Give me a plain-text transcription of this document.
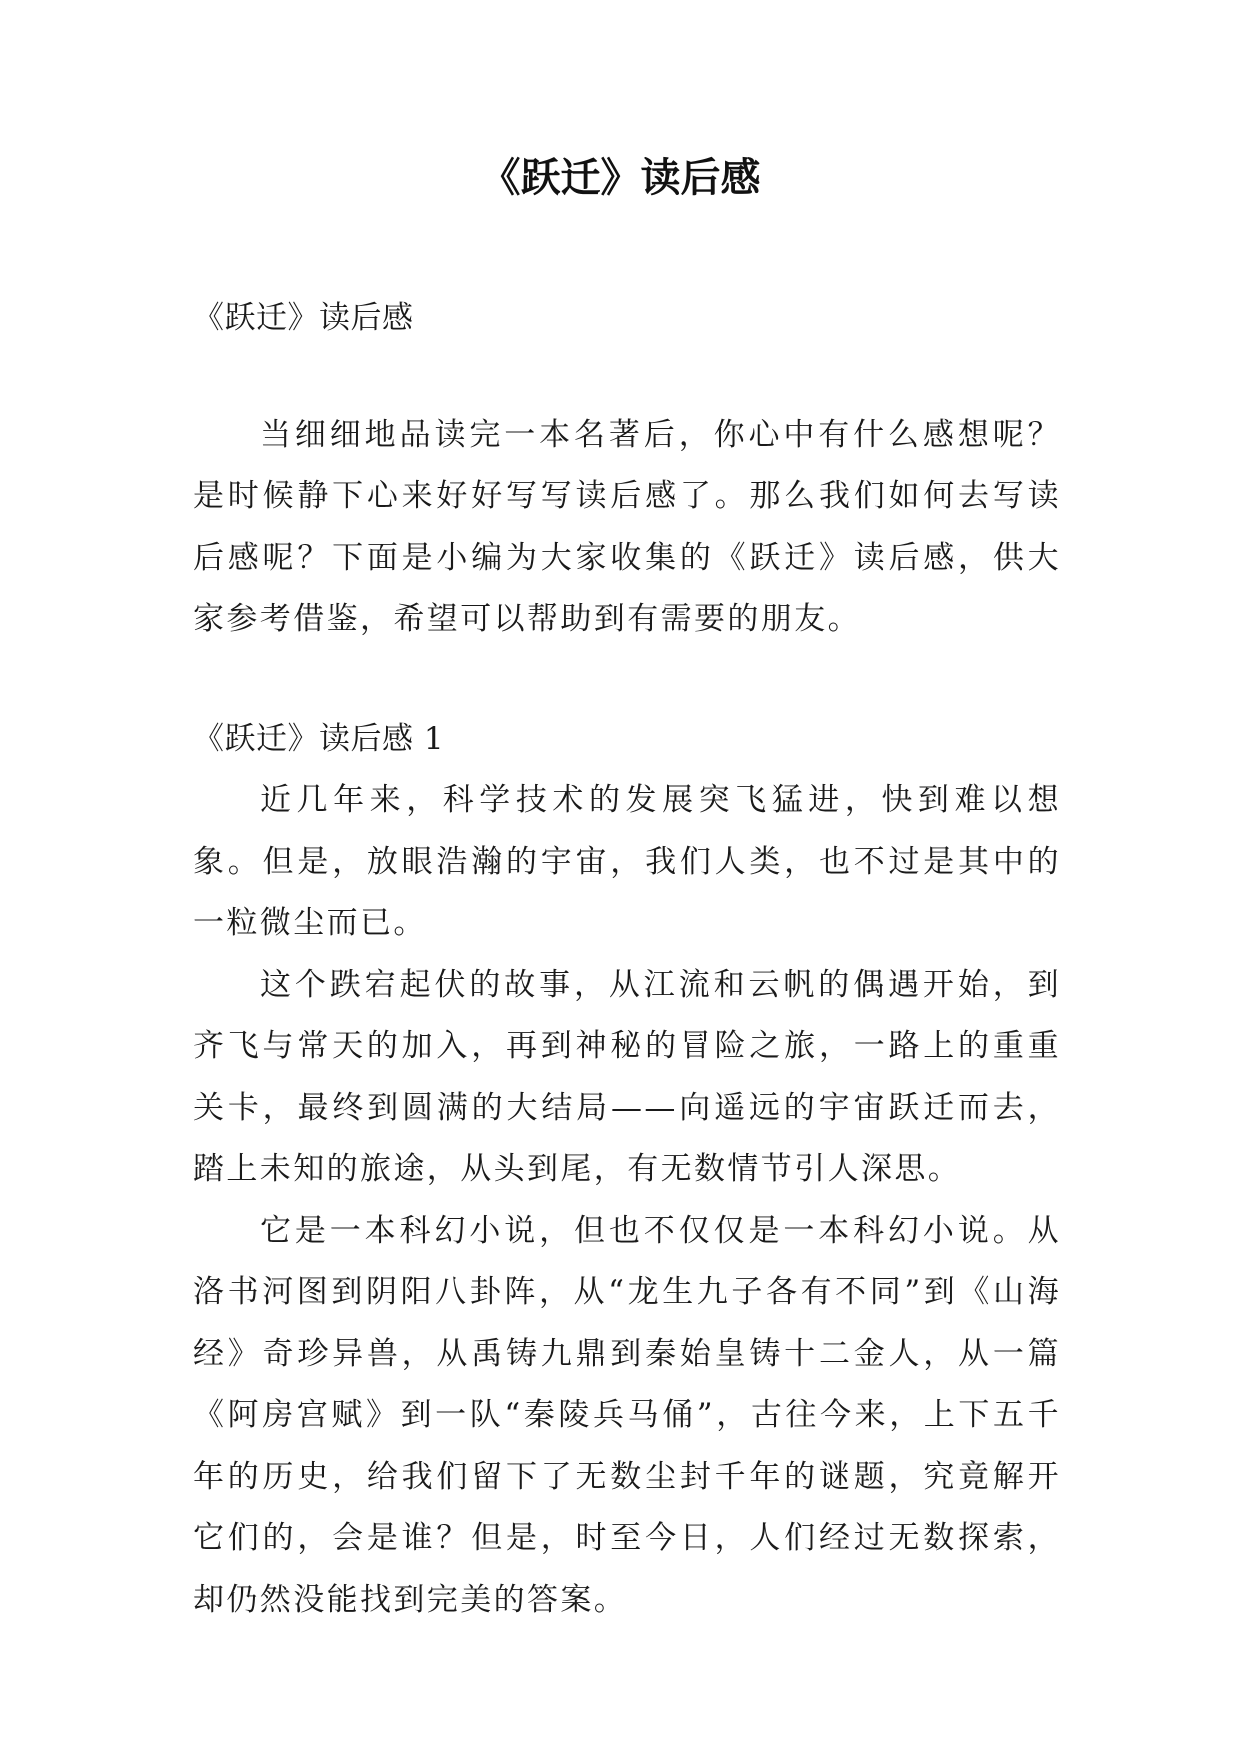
《跃迁》读后感

《跃迁》读后感

当细细地品读完一本名著后，你心中有什么感想呢？是时候静下心来好好写写读后感了。那么我们如何去写读后感呢？下面是小编为大家收集的《跃迁》读后感，供大家参考借鉴，希望可以帮助到有需要的朋友。

《跃迁》读后感 1

近几年来，科学技术的发展突飞猛进，快到难以想象。但是，放眼浩瀚的宇宙，我们人类，也不过是其中的一粒微尘而已。

这个跌宕起伏的故事，从江流和云帆的偶遇开始，到齐飞与常天的加入，再到神秘的冒险之旅，一路上的重重关卡，最终到圆满的大结局——向遥远的宇宙跃迁而去，踏上未知的旅途，从头到尾，有无数情节引人深思。

它是一本科幻小说，但也不仅仅是一本科幻小说。从洛书河图到阴阳八卦阵，从“龙生九子各有不同”到《山海经》奇珍异兽，从禹铸九鼎到秦始皇铸十二金人，从一篇《阿房宫赋》到一队“秦陵兵马俑”，古往今来，上下五千年的历史，给我们留下了无数尘封千年的谜题，究竟解开它们的，会是谁？但是，时至今日，人们经过无数探索，却仍然没能找到完美的答案。
